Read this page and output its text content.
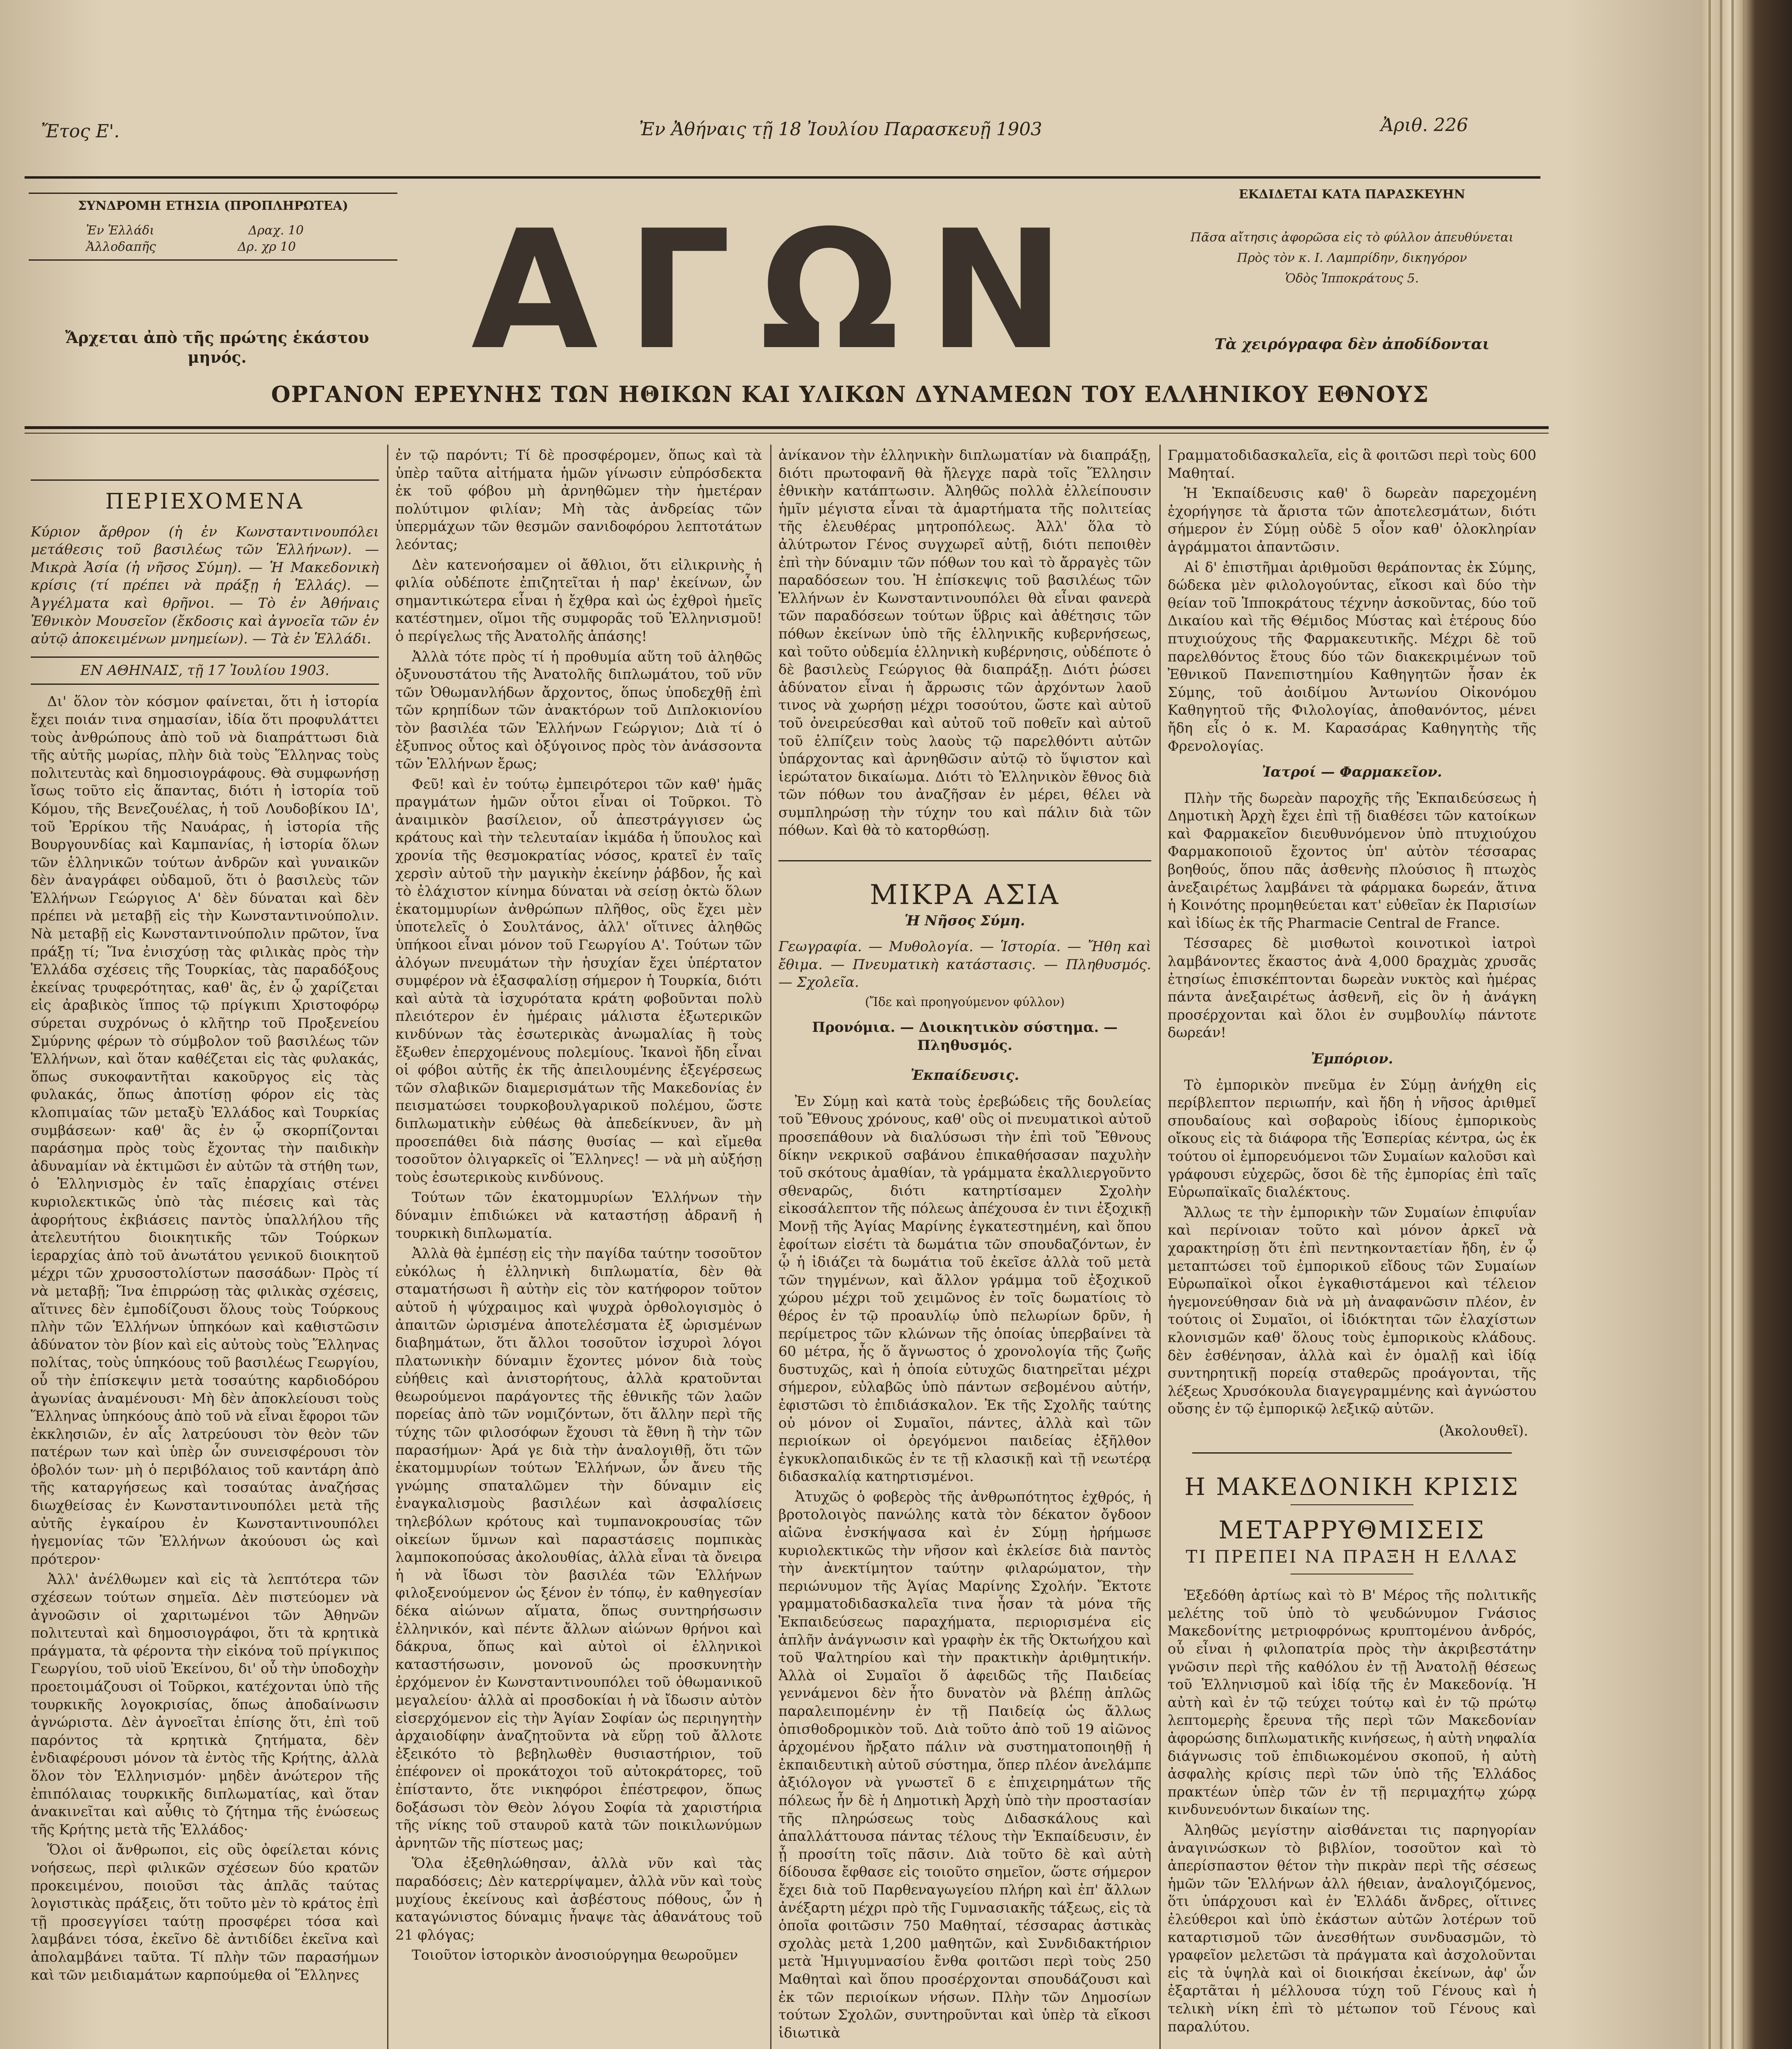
Ἔτος Ε'.	Ἐν Ἀθήναις τῇ 18 Ἰουλίου Παρασκευῇ 1903	Ἀριθ. 226
ΣΥΝΔΡΟΜΗ ΕΤΗΣΙΑ (ΠΡΟΠΛΗΡΩΤΕΑ)
Ἐν Ἑλλάδι	Δραχ. 10
Ἀλλοδαπῆς	Δρ. χρ 10
Ἄρχεται ἀπὸ τῆς πρώτης ἑκάστου μηνός.	ΑΓΩΝ
ΕΚΔΙΔΕΤΑΙ ΚΑΤΑ ΠΑΡΑΣΚΕΥΗΝ
Πᾶσα αἴτησις ἀφορῶσα εἰς τὸ φύλλον ἀπευθύνεται
Πρὸς τὸν κ. Ι. Λαμπρίδην, δικηγόρον
Ὁδὸς Ἱπποκράτους 5.
Τὰ χειρόγραφα δὲν ἀποδίδονται
ΟΡΓΑΝΟΝ ΕΡΕΥΝΗΣ ΤΩΝ ΗΘΙΚΩΝ ΚΑΙ ΥΛΙΚΩΝ ΔΥΝΑΜΕΩΝ ΤΟΥ ΕΛΛΗΝΙΚΟΥ ΕΘΝΟΥΣ
ΠΕΡΙΕΧΟΜΕΝΑ

Κύριον ἄρθρον (ἡ ἐν Κωνσταντινουπόλει μετάθεσις τοῦ βασιλέως τῶν Ἑλλήνων). — Μικρὰ Ἀσία (ἡ νῆσος Σύμη). — Ἡ Μακεδονικὴ κρίσις (τί πρέπει νὰ πράξῃ ἡ Ἑλλάς). — Ἀγγέλματα καὶ θρῆνοι. — Τὸ ἐν Ἀθήναις Ἐθνικὸν Μουσεῖον (ἔκδοσις καὶ ἀγνοεῖα τῶν ἐν αὐτῷ ἀποκειμένων μνημείων). — Τὰ ἐν Ἑλλάδι.

ΕΝ ΑΘΗΝΑΙΣ, τῇ 17 Ἰουλίου 1903.

Δι' ὅλον τὸν κόσμον φαίνεται, ὅτι ἡ ἱστορία ἔχει ποιάν τινα σημασίαν, ἰδία ὅτι προφυλάττει τοὺς ἀνθρώπους ἀπὸ τοῦ νὰ διαπράττωσι διὰ τῆς αὐτῆς μωρίας, πλὴν διὰ τοὺς Ἕλληνας τοὺς πολιτευτὰς καὶ δημοσιογράφους. Θὰ συμφωνήσῃ ἴσως τοῦτο εἰς ἅπαντας, διότι ἡ ἱστορία τοῦ Κόμου, τῆς Βενεζουέλας, ἡ τοῦ Λουδοβίκου ΙΔ', τοῦ Ἐρρίκου τῆς Ναυάρας, ἡ ἱστορία τῆς Βουργουνδίας καὶ Καμπανίας, ἡ ἱστορία ὅλων τῶν ἑλληνικῶν τούτων ἀνδρῶν καὶ γυναικῶν δὲν ἀναγράφει οὐδαμοῦ, ὅτι ὁ βασιλεὺς τῶν Ἑλλήνων Γεώργιος Α' δὲν δύναται καὶ δὲν πρέπει νὰ μεταβῇ εἰς τὴν Κωνσταντινούπολιν. Νὰ μεταβῇ εἰς Κωνσταντινούπολιν πρῶτον, ἵνα πράξῃ τί; Ἵνα ἐνισχύσῃ τὰς φιλικὰς πρὸς τὴν Ἑλλάδα σχέσεις τῆς Τουρκίας, τὰς παραδόξους ἐκείνας τρυφερότητας, καθ' ἃς, ἐν ᾧ χαρίζεται εἰς ἀραβικὸς ἵππος τῷ πρίγκιπι Χριστοφόρῳ σύρεται συχρόνως ὁ κλῆτηρ τοῦ Προξενείου Σμύρνης φέρων τὸ σύμβολον τοῦ βασιλέως τῶν Ἑλλήνων, καὶ ὅταν καθέζεται εἰς τὰς φυλακάς, ὅπως συκοφαντῆται κακοῦργος εἰς τὰς φυλακάς, ὅπως ἀποτίσῃ φόρον εἰς τὰς κλοπιμαίας τῶν μεταξὺ Ἑλλάδος καὶ Τουρκίας συμβάσεων· καθ' ἃς ἐν ᾧ σκορπίζονται παράσημα πρὸς τοὺς ἔχοντας τὴν παιδικὴν ἀδυναμίαν νὰ ἐκτιμῶσι ἐν αὐτῶν τὰ στήθη των, ὁ Ἑλληνισμὸς ἐν ταῖς ἐπαρχίαις στένει κυριολεκτικῶς ὑπὸ τὰς πιέσεις καὶ τὰς ἀφορήτους ἐκβιάσεις παντὸς ὑπαλλήλου τῆς ἀτελευτήτου διοικητικῆς τῶν Τούρκων ἱεραρχίας ἀπὸ τοῦ ἀνωτάτου γενικοῦ διοικητοῦ μέχρι τῶν χρυσοστολίστων πασσάδων· Πρὸς τί νὰ μεταβῇ; Ἵνα ἐπιρρώσῃ τὰς φιλικὰς σχέσεις, αἵτινες δὲν ἐμποδίζουσι ὅλους τοὺς Τούρκους πλὴν τῶν Ἑλλήνων ὑπηκόων καὶ καθιστῶσιν ἀδύνατον τὸν βίον καὶ εἰς αὐτοὺς τοὺς Ἕλληνας πολίτας, τοὺς ὑπηκόους τοῦ βασιλέως Γεωργίου, οὗ τὴν ἐπίσκεψιν μετὰ τοσαύτης καρδιοδόρου ἀγωνίας ἀναμένουσι· Μὴ δὲν ἀποκλείουσι τοὺς Ἕλληνας ὑπηκόους ἀπὸ τοῦ νὰ εἶναι ἔφοροι τῶν ἐκκλησιῶν, ἐν αἷς λατρεύουσι τὸν θεὸν τῶν πατέρων των καὶ ὑπὲρ ὧν συνεισφέρουσι τὸν ὀβολόν των· μὴ ὁ περιβόλαιος τοῦ καντάρη ἀπὸ τῆς καταργήσεως καὶ τοσαύτας ἀναζήσας διωχθείσας ἐν Κωνσταντινουπόλει μετὰ τῆς αὐτῆς ἐγκαίρου ἐν Κωνσταντινουπόλει ἠγεμονίας τῶν Ἑλλήνων ἀκούουσι ὡς καὶ πρότερον·

Ἀλλ' ἀνέλθωμεν καὶ εἰς τὰ λεπτότερα τῶν σχέσεων τούτων σημεῖα. Δὲν πιστεύομεν νὰ ἀγνοῶσιν οἱ χαριτωμένοι τῶν Ἀθηνῶν πολιτευταὶ καὶ δημοσιογράφοι, ὅτι τὰ κρητικὰ πράγματα, τὰ φέροντα τὴν εἰκόνα τοῦ πρίγκιπος Γεωργίου, τοῦ υἱοῦ Ἐκείνου, δι' οὗ τὴν ὑποδοχὴν προετοιμάζουσι οἱ Τοῦρκοι, κατέχονται ὑπὸ τῆς τουρκικῆς λογοκρισίας, ὅπως ἀποδαίνωσιν ἀγνώριστα. Δὲν ἀγνοεῖται ἐπίσης ὅτι, ἐπὶ τοῦ παρόντος τὰ κρητικὰ ζητήματα, δὲν ἐνδιαφέρουσι μόνον τὰ ἐντὸς τῆς Κρήτης, ἀλλὰ ὅλον τὸν Ἑλληνισμόν· μηδὲν ἀνώτερον τῆς ἐπιπόλαιας τουρκικῆς διπλωματίας, καὶ ὅταν ἀνακινεῖται καὶ αὖθις τὸ ζήτημα τῆς ἑνώσεως τῆς Κρήτης μετὰ τῆς Ἑλλάδος·

Ὅλοι οἱ ἄνθρωποι, εἰς οὓς ὀφείλεται κόνις νοήσεως, περὶ φιλικῶν σχέσεων δύο κρατῶν προκειμένου, ποιοῦσι τὰς ἁπλᾶς ταύτας λογιστικὰς πράξεις, ὅτι τοῦτο μὲν τὸ κράτος ἐπὶ τῇ προσεγγίσει ταύτῃ προσφέρει τόσα καὶ λαμβάνει τόσα, ἐκεῖνο δὲ ἀντιδίδει ἐκεῖνα καὶ ἀπολαμβάνει ταῦτα. Τί πλὴν τῶν παρασήμων καὶ τῶν μειδιαμάτων καρπούμεθα οἱ Ἕλληνες

ἐν τῷ παρόντι; Τί δὲ προσφέρομεν, ὅπως καὶ τὰ ὑπὲρ ταῦτα αἰτήματα ἡμῶν γίνωσιν εὐπρόσδεκτα ἐκ τοῦ φόβου μὴ ἀρνηθῶμεν τὴν ἡμετέραν πολύτιμον φιλίαν; Μὴ τὰς ἀνδρείας τῶν ὑπερμάχων τῶν θεσμῶν σανιδοφόρου λεπτοτάτων λεόντας;

Δὲν κατενοήσαμεν οἱ ἄθλιοι, ὅτι εἰλικρινὴς ἡ φιλία οὐδέποτε ἐπιζητεῖται ἡ παρ' ἐκείνων, ὧν σημαντικώτερα εἶναι ἡ ἔχθρα καὶ ὡς ἐχθροὶ ἡμεῖς κατέστημεν, οἵμοι τῆς συμφορᾶς τοῦ Ἑλληνισμοῦ! ὁ περίγελως τῆς Ἀνατολῆς ἁπάσης!

Ἀλλὰ τότε πρὸς τί ἡ προθυμία αὕτη τοῦ ἀληθῶς ὀξυνουστάτου τῆς Ἀνατολῆς διπλωμάτου, τοῦ νῦν τῶν Ὀθωμανλήδων ἄρχοντος, ὅπως ὑποδεχθῇ ἐπὶ τῶν κρηπίδων τῶν ἀνακτόρων τοῦ Διπλοκιονίου τὸν βασιλέα τῶν Ἑλλήνων Γεώργιον; Διὰ τί ὁ ἐξυπνος οὗτος καὶ ὀξύγοινος πρὸς τὸν ἀνάσσοντα τῶν Ἑλλήνων ἔρως;

Φεῦ! καὶ ἐν τούτῳ ἐμπειρότεροι τῶν καθ' ἡμᾶς πραγμάτων ἡμῶν οὗτοι εἶναι οἱ Τοῦρκοι. Τὸ ἀναιμικὸν βασίλειον, οὗ ἀπεστράγγισεν ὡς κράτους καὶ τὴν τελευταίαν ἰκμάδα ἡ ὕπουλος καὶ χρονία τῆς θεσμοκρατίας νόσος, κρατεῖ ἐν ταῖς χερσὶν αὐτοῦ τὴν μαγικὴν ἐκείνην ῥάβδον, ἧς καὶ τὸ ἐλάχιστον κίνημα δύναται νὰ σείσῃ ὀκτὼ ὅλων ἑκατομμυρίων ἀνθρώπων πλῆθος, οὓς ἔχει μὲν ὑποτελεῖς ὁ Σουλτάνος, ἀλλ' οἵτινες ἀληθῶς ὑπήκοοι εἶναι μόνον τοῦ Γεωργίου Α'. Τούτων τῶν ἀλόγων πνευμάτων τὴν ἡσυχίαν ἔχει ὑπέρτατον συμφέρον νὰ ἐξασφαλίσῃ σήμερον ἡ Τουρκία, διότι καὶ αὐτὰ τὰ ἰσχυρότατα κράτη φοβοῦνται πολὺ πλειότερον ἐν ἡμέραις μάλιστα ἐξωτερικῶν κινδύνων τὰς ἐσωτερικὰς ἀνωμαλίας ἢ τοὺς ἔξωθεν ἐπερχομένους πολεμίους. Ἱκανοὶ ἤδη εἶναι οἱ φόβοι αὐτῆς ἐκ τῆς ἀπειλουμένης ἐξεγέρσεως τῶν σλαβικῶν διαμερισμάτων τῆς Μακεδονίας ἐν πεισματώσει τουρκοβουλγαρικοῦ πολέμου, ὥστε διπλωματικὴν εὐθέως θὰ ἀπεδείκνυεν, ἂν μὴ προσεπάθει διὰ πάσης θυσίας — καὶ εἴμεθα τοσοῦτον ὀλιγαρκεῖς οἱ Ἕλληνες! — νὰ μὴ αὐξήσῃ τοὺς ἐσωτερικοὺς κινδύνους.

Τούτων τῶν ἑκατομμυρίων Ἑλλήνων τὴν δύναμιν ἐπιδιώκει νὰ καταστήσῃ ἀδρανῆ ἡ τουρκικὴ διπλωματία.

Ἀλλὰ θὰ ἐμπέσῃ εἰς τὴν παγίδα ταύτην τοσοῦτον εὐκόλως ἡ ἑλληνικὴ διπλωματία, δὲν θὰ σταματήσωσι ἢ αὐτὴν εἰς τὸν κατήφορον τοῦτον αὐτοῦ ἡ ψύχραιμος καὶ ψυχρὰ ὀρθολογισμὸς ὁ ἀπαιτῶν ὡρισμένα ἀποτελέσματα ἐξ ὡρισμένων διαβημάτων, ὅτι ἄλλοι τοσοῦτον ἰσχυροὶ λόγοι πλατωνικὴν δύναμιν ἔχοντες μόνον διὰ τοὺς εὐήθεις καὶ ἀνιστορήτους, ἀλλὰ κρατοῦνται θεωρούμενοι παράγοντες τῆς ἐθνικῆς τῶν λαῶν πορείας ἀπὸ τῶν νομιζόντων, ὅτι ἄλλην περὶ τῆς τύχης τῶν φιλοσόφων ἔχουσι τὰ ἔθνη ἢ τὴν τῶν παρασήμων· Ἀρά γε διὰ τὴν ἀναλογιθῇ, ὅτι τῶν ἑκατομμυρίων τούτων Ἑλλήνων, ὧν ἄνευ τῆς γνώμης σπαταλῶμεν τὴν δύναμιν εἰς ἐναγκαλισμοὺς βασιλέων καὶ ἀσφαλίσεις τηλεβόλων κρότους καὶ τυμπανοκρουσίας τῶν οἰκείων ὕμνων καὶ παραστάσεις πομπικὰς λαμποκοπούσας ἀκολουθίας, ἀλλὰ εἶναι τὰ ὄνειρα ἡ νὰ ἴδωσι τὸν βασιλέα τῶν Ἑλλήνων φιλοξενούμενον ὡς ξένον ἐν τόπῳ, ἐν καθηγεσίαν δέκα αἰώνων αἵματα, ὅπως συντηρήσωσιν ἑλληνικόν, καὶ πέντε ἄλλων αἰώνων θρήνοι καὶ δάκρυα, ὅπως καὶ αὐτοὶ οἱ ἑλληνικοὶ καταστήσωσιν, μονονοῦ ὡς προσκυνητὴν ἐρχόμενον ἐν Κωνσταντινουπόλει τοῦ ὀθωμανικοῦ μεγαλείου· ἀλλὰ αἱ προσδοκίαι ἡ νὰ ἴδωσιν αὐτὸν εἰσερχόμενον εἰς τὴν Ἁγίαν Σοφίαν ὡς περιηγητὴν ἀρχαιοδίφην ἀναζητοῦντα νὰ εὕρῃ τοῦ ἄλλοτε ἐξεικότο τὸ βεβηλωθὲν θυσιαστήριον, τοῦ ἐπέφονεν οἱ προκάτοχοι τοῦ αὐτοκράτορες, τοῦ ἐπίσταντο, ὅτε νικηφόροι ἐπέστρεφον, ὅπως δοξάσωσι τὸν Θεὸν λόγου Σοφία τὰ χαριστήρια τῆς νίκης τοῦ σταυροῦ κατὰ τῶν ποικιλωνύμων ἀρνητῶν τῆς πίστεως μας;

Ὅλα ἐξεθηλώθησαν, ἀλλὰ νῦν καὶ τὰς παραδόσεις; Δὲν κατερρίψαμεν, ἀλλὰ νῦν καὶ τοὺς μυχίους ἐκείνους καὶ ἀσβέστους πόθους, ὧν ἡ καταγώνιστος δύναμις ἦναψε τὰς ἀθανάτους τοῦ 21 φλόγας;

Τοιοῦτον ἱστορικὸν ἀνοσιούργημα θεωροῦμεν

ἀνίκανον τὴν ἑλληνικὴν διπλωματίαν νὰ διαπράξῃ, διότι πρωτοφανῆ θὰ ἤλεγχε παρὰ τοῖς Ἕλλησιν ἐθνικὴν κατάπτωσιν. Ἀληθῶς πολλὰ ἐλλείπουσιν ἡμῖν μέγιστα εἶναι τὰ ἁμαρτήματα τῆς πολιτείας τῆς ἐλευθέρας μητροπόλεως. Ἀλλ' ὅλα τὸ ἀλύτρωτον Γένος συγχωρεῖ αὐτῇ, διότι πεποιθὲν ἐπὶ τὴν δύναμιν τῶν πόθων του καὶ τὸ ἄρραγὲς τῶν παραδόσεων του. Ἡ ἐπίσκεψις τοῦ βασιλέως τῶν Ἑλλήνων ἐν Κωνσταντινουπόλει θὰ εἶναι φανερὰ τῶν παραδόσεων τούτων ὕβρις καὶ ἀθέτησις τῶν πόθων ἐκείνων ὑπὸ τῆς ἑλληνικῆς κυβερνήσεως, καὶ τοῦτο οὐδεμία ἑλληνικὴ κυβέρνησις, οὐδέποτε ὁ δὲ βασιλεὺς Γεώργιος θὰ διαπράξῃ. Διότι ῥώσει ἀδύνατον εἶναι ἡ ἄρρωσις τῶν ἀρχόντων λαοῦ τινος νὰ χωρήσῃ μέχρι τοσούτου, ὥστε καὶ αὐτοῦ τοῦ ὀνειρεύεσθαι καὶ αὐτοῦ τοῦ ποθεῖν καὶ αὐτοῦ τοῦ ἐλπίζειν τοὺς λαοὺς τῷ παρελθόντι αὐτῶν ὑπάρχοντας καὶ ἀρνηθῶσιν αὐτῷ τὸ ὕψιστον καὶ ἱερώτατον δικαίωμα. Διότι τὸ Ἑλληνικὸν ἔθνος διὰ τῶν πόθων του ἀναζῆσαν ἐν μέρει, θέλει νὰ συμπληρώσῃ τὴν τύχην του καὶ πάλιν διὰ τῶν πόθων. Καὶ θὰ τὸ κατορθώσῃ.

ΜΙΚΡΑ ΑΣΙΑ
Ἡ Νῆσος Σύμη.

Γεωγραφία. — Μυθολογία. — Ἱστορία. — Ἤθη καὶ ἔθιμα. — Πνευματικὴ κατάστασις. — Πληθυσμός. — Σχολεῖα.

(Ἴδε καὶ προηγούμενον φύλλον)
Προνόμια. — Διοικητικὸν σύστημα. — Πληθυσμός.
Ἐκπαίδευσις.

Ἐν Σύμῃ καὶ κατὰ τοὺς ἐρεβώδεις τῆς δουλείας τοῦ Ἔθνους χρόνους, καθ' οὓς οἱ πνευματικοὶ αὐτοῦ προσεπάθουν νὰ διαλύσωσι τὴν ἐπὶ τοῦ Ἔθνους δίκην νεκρικοῦ σαβάνου ἐπικαθήσασαν παχυλὴν τοῦ σκότους ἀμαθίαν, τὰ γράμματα ἐκαλλιεργοῦντο σθεναρῶς, διότι κατηρτίσαμεν Σχολὴν εἰκοσάλεπτον τῆς πόλεως ἀπέχουσα ἐν τινι ἐξοχικῇ Μονῇ τῆς Ἁγίας Μαρίνης ἐγκατεστημένη, καὶ ὅπου ἐφοίτων εἰσέτι τὰ δωμάτια τῶν σπουδαζόντων, ἐν ᾧ ἡ ἰδιάζει τὰ δωμάτια τοῦ ἐκεῖσε ἀλλὰ τοῦ μετὰ τῶν τηγμένων, καὶ ἄλλον γράμμα τοῦ ἐξοχικοῦ χώρου μέχρι τοῦ χειμῶνος ἐν τοῖς δωματίοις τὸ θέρος ἐν τῷ προαυλίῳ ὑπὸ πελωρίων δρῦν, ἡ περίμετρος τῶν κλώνων τῆς ὁποίας ὑπερβαίνει τὰ 60 μέτρα, ἧς ὅ ἄγνωστος ὁ χρονολογία τῆς ζωῆς δυστυχῶς, καὶ ἡ ὁποία εὐτυχῶς διατηρεῖται μέχρι σήμερον, εὐλαβῶς ὑπὸ πάντων σεβομένου αὐτήν, ἐφιστῶσι τὸ ἐπιδιάσκαλον. Ἐκ τῆς Σχολῆς ταύτης οὐ μόνον οἱ Συμαῖοι, πάντες, ἀλλὰ καὶ τῶν περιοίκων οἱ ὀρεγόμενοι παιδείας ἐξῆλθον ἐγκυκλοπαιδικῶς ἐν τε τῇ κλασικῇ καὶ τῇ νεωτέρᾳ διδασκαλίᾳ κατηρτισμένοι.

Ἀτυχῶς ὁ φοβερὸς τῆς ἀνθρωπότητος ἐχθρός, ἡ βροτολοιγὸς πανώλης κατὰ τὸν δέκατον ὄγδοον αἰῶνα ἐνσκήψασα καὶ ἐν Σύμῃ ἠρήμωσε κυριολεκτικῶς τὴν νῆσον καὶ ἐκλείσε διὰ παντὸς τὴν ἀνεκτίμητον ταύτην φιλαρώματον, τὴν περιώνυμον τῆς Ἁγίας Μαρίνης Σχολήν. Ἔκτοτε γραμματοδιδασκαλεῖα τινα ἦσαν τὰ μόνα τῆς Ἐκπαιδεύσεως παραχήματα, περιορισμένα εἰς ἁπλῆν ἀνάγνωσιν καὶ γραφὴν ἐκ τῆς Ὀκτωήχου καὶ τοῦ Ψαλτηρίου καὶ τὴν πρακτικὴν ἀριθμητικήν. Ἀλλὰ οἱ Συμαῖοι ὅ ἀφειδῶς τῆς Παιδείας γεννάμενοι δὲν ἦτο δυνατὸν νὰ βλέπῃ ἁπλῶς παραλειπομένην ἐν τῇ Παιδείᾳ ὡς ἄλλως ὀπισθοδρομικὸν τοῦ. Διὰ τοῦτο ἀπὸ τοῦ 19 αἰῶνος ἀρχομένου ἤρξατο πάλιν νὰ συστηματοποιηθῇ ἡ ἐκπαιδευτικὴ αὐτοῦ σύστημα, ὅπερ πλέον ἀνελάμπε ἀξιόλογον νὰ γνωστεῖ δ ε ἐπιχειρημάτων τῆς πόλεως ἦν δὲ ἡ Δημοτικὴ Ἀρχὴ ὑπὸ τὴν προστασίαν τῆς πληρώσεως τοὺς Διδασκάλους καὶ ἀπαλλάττουσα πάντας τέλους τὴν Ἐκπαίδευσιν, ἐν ᾗ προσίτη τοῖς πᾶσιν. Διὰ τοῦτο δὲ καὶ αὐτὴ δίδουσα ἔφθασε εἰς τοιοῦτο σημεῖον, ὥστε σήμερον ἔχει διὰ τοῦ Παρθεναγωγείου πλήρη καὶ ἐπ' ἄλλων ἀνέξαρτη μέχρι πρὸ τῆς Γυμνασιακῆς τάξεως, εἰς τὰ ὁποῖα φοιτῶσιν 750 Μαθηταί, τέσσαρας ἀστικὰς σχολὰς μετὰ 1,200 μαθητῶν, καὶ Συνδιδακτήριον μετὰ Ἡμιγυμνασίου ἔνθα φοιτῶσι περὶ τοὺς 250 Μαθηταὶ καὶ ὅπου προσέρχονται σπουδάζουσι καὶ ἐκ τῶν περιοίκων νήσων. Πλὴν τῶν Δημοσίων τούτων Σχολῶν, συντηροῦνται καὶ ὑπὲρ τὰ εἴκοσι ἰδιωτικὰ

Γραμματοδιδασκαλεῖα, εἰς ἃ φοιτῶσι περὶ τοὺς 600 Μαθηταί.

Ἡ Ἐκπαίδευσις καθ' ὃ δωρεὰν παρεχομένη ἐχορήγησε τὰ ἄριστα τῶν ἀποτελεσμάτων, διότι σήμερον ἐν Σύμῃ οὐδὲ 5 οἶον καθ' ὁλοκληρίαν ἀγράμματοι ἀπαντῶσιν.

Αἱ δ' ἐπιστῆμαι ἀριθμοῦσι θεράποντας ἐκ Σύμης, δώδεκα μὲν φιλολογούντας, εἴκοσι καὶ δύο τὴν θείαν τοῦ Ἱπποκράτους τέχνην ἀσκοῦντας, δύο τοῦ Δικαίου καὶ τῆς Θέμιδος Μύστας καὶ ἑτέρους δύο πτυχιούχους τῆς Φαρμακευτικῆς. Μέχρι δὲ τοῦ παρελθόντος ἔτους δύο τῶν διακεκριμένων τοῦ Ἐθνικοῦ Πανεπιστημίου Καθηγητῶν ἦσαν ἐκ Σύμης, τοῦ ἀοιδίμου Ἀντωνίου Οἰκονόμου Καθηγητοῦ τῆς Φιλολογίας, ἀποθανόντος, μένει ἤδη εἷς ὁ κ. Μ. Καρασάρας Καθηγητὴς τῆς Φρενολογίας.

Ἰατροί — Φαρμακεῖον.

Πλὴν τῆς δωρεὰν παροχῆς τῆς Ἐκπαιδεύσεως ἡ Δημοτικὴ Ἀρχὴ ἔχει ἐπὶ τῇ διαθέσει τῶν κατοίκων καὶ Φαρμακεῖον διευθυνόμενον ὑπὸ πτυχιούχου Φαρμακοποιοῦ ἔχοντος ὑπ' αὐτὸν τέσσαρας βοηθούς, ὅπου πᾶς ἀσθενὴς πλούσιος ἢ πτωχὸς ἀνεξαιρέτως λαμβάνει τὰ φάρμακα δωρεάν, ἅτινα ἡ Κοινότης προμηθεύεται κατ' εὐθεῖαν ἐκ Παρισίων καὶ ἰδίως ἐκ τῆς Pharmacie Central de France.

Τέσσαρες δὲ μισθωτοὶ κοινοτικοὶ ἰατροὶ λαμβάνοντες ἕκαστος ἀνὰ 4,000 δραχμὰς χρυσᾶς ἐτησίως ἐπισκέπτονται δωρεὰν νυκτὸς καὶ ἡμέρας πάντα ἀνεξαιρέτως ἀσθενῆ, εἰς ὃν ἡ ἀνάγκη προσέρχονται καὶ ὅλοι ἐν συμβουλίῳ πάντοτε δωρεάν!

Ἐμπόριον.

Τὸ ἐμπορικὸν πνεῦμα ἐν Σύμῃ ἀνήχθη εἰς περίβλεπτον περιωπήν, καὶ ἤδη ἡ νῆσος ἀριθμεῖ σπουδαίους καὶ σοβαροὺς ἰδίους ἐμπορικοὺς οἴκους εἰς τὰ διάφορα τῆς Ἑσπερίας κέντρα, ὡς ἐκ τούτου οἱ ἐμπορευόμενοι τῶν Συμαίων καλοῦσι καὶ γράφουσι εὐχερῶς, ὅσοι δὲ τῆς ἐμπορίας ἐπὶ ταῖς Εὐρωπαϊκαῖς διαλέκτους.

Ἄλλως τε τὴν ἐμπορικὴν τῶν Συμαίων ἐπιφυΐαν καὶ περίνοιαν τοῦτο καὶ μόνον ἀρκεῖ νὰ χαρακτηρίσῃ ὅτι ἐπὶ πεντηκονταετίαν ἤδη, ἐν ᾧ μεταπτώσει τοῦ ἐμπορικοῦ εἴδους τῶν Συμαίων Εὐρωπαϊκοὶ οἶκοι ἐγκαθιστάμενοι καὶ τέλειον ἡγεμονεύθησαν διὰ νὰ μὴ ἀναφανῶσιν πλέον, ἐν τούτοις οἱ Συμαῖοι, οἱ ἰδιόκτηται τῶν ἐλαχίστων κλονισμῶν καθ' ὅλους τοὺς ἐμπορικοὺς κλάδους. δὲν ἐσθένησαν, ἀλλὰ καὶ ἐν ὁμαλῇ καὶ ἰδίᾳ συντηρητικῇ πορείᾳ σταθερῶς προάγονται, τῆς λέξεως Χρυσόκουλα διαγεγραμμένης καὶ ἀγνώστου οὔσης ἐν τῷ ἐμπορικῷ λεξικῷ αὐτῶν.

(Ἀκολουθεῖ).
Η ΜΑΚΕΔΟΝΙΚΗ ΚΡΙΣΙΣ
ΜΕΤΑΡΡΥΘΜΙΣΕΙΣ
ΤΙ ΠΡΕΠΕΙ ΝΑ ΠΡΑΞΗ Η ΕΛΛΑΣ

Ἐξεδόθη ἀρτίως καὶ τὸ Β' Μέρος τῆς πολιτικῆς μελέτης τοῦ ὑπὸ τὸ ψευδώνυμον Γνάσιος Μακεδονίτης μετριοφρόνως κρυπτομένου ἀνδρός, οὗ εἶναι ἡ φιλοπατρία πρὸς τὴν ἀκριβεστάτην γνῶσιν περὶ τῆς καθόλου ἐν τῇ Ἀνατολῇ θέσεως τοῦ Ἑλληνισμοῦ καὶ ἰδίᾳ τῆς ἐν Μακεδονίᾳ. Ἡ αὐτὴ καὶ ἐν τῷ τεύχει τούτῳ καὶ ἐν τῷ πρώτῳ λεπτομερὴς ἔρευνα τῆς περὶ τῶν Μακεδονίαν ἀφορώσης διπλωματικῆς κινήσεως, ἡ αὐτὴ νηφαλία διάγνωσις τοῦ ἐπιδιωκομένου σκοποῦ, ἡ αὐτὴ ἀσφαλὴς κρίσις περὶ τῶν ὑπὸ τῆς Ἑλλάδος πρακτέων ὑπὲρ τῶν ἐν τῇ περιμαχήτῳ χώρᾳ κινδυνευόντων δικαίων της.

Ἀληθῶς μεγίστην αἰσθάνεται τις παρηγορίαν ἀναγινώσκων τὸ βιβλίον, τοσοῦτον καὶ τὸ ἀπερίσπαστον θέτον τὴν πικρὰν περὶ τῆς σέσεως ἡμῶν τῶν Ἑλλήνων ἀλλ ήθειαν, ἀναλογιζόμενος, ὅτι ὑπάρχουσι καὶ ἐν Ἑλλάδι ἄνδρες, οἵτινες ἐλεύθεροι καὶ ὑπὸ ἐκάστων αὐτῶν λοτέρων τοῦ καταρτισμοῦ τῶν ἀνεσθήτων συνδυασμῶν, τὸ γραφεῖον μελετῶσι τὰ πράγματα καὶ ἀσχολοῦνται εἰς τὰ ὑψηλὰ καὶ οἱ διοικήσαι ἐκείνων, ἀφ' ὧν ἐξαρτᾶται ἡ μέλλουσα τύχη τοῦ Γένους καὶ ἡ τελικὴ νίκη ἐπὶ τὸ μέτωπον τοῦ Γένους καὶ παραλύτου.
